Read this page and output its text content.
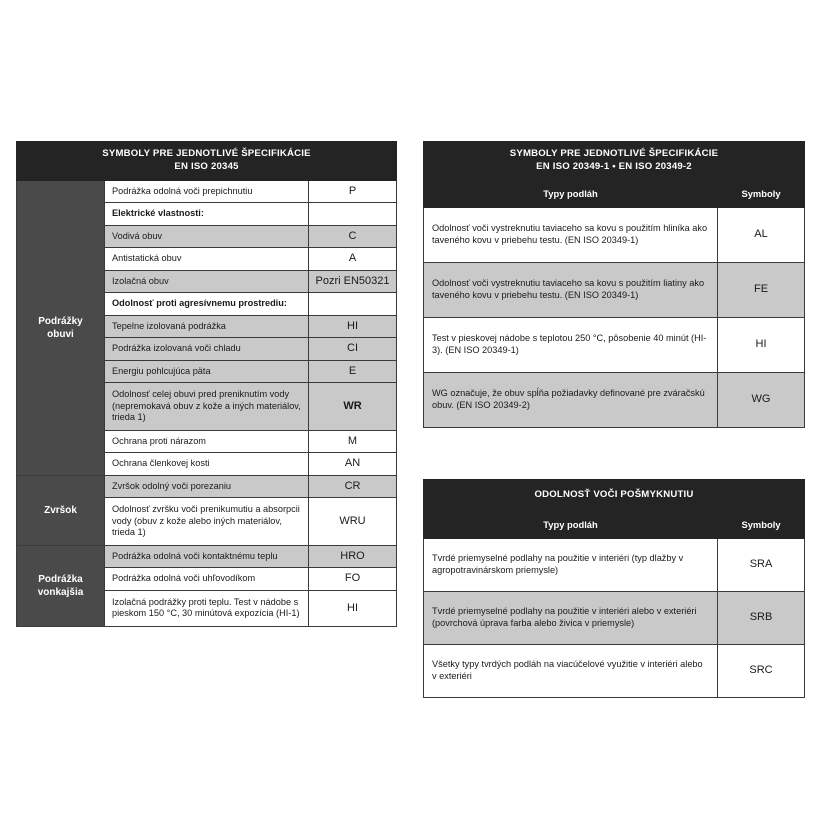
SYMBOLY PRE JEDNOTLIVÉ ŠPECIFIKÁCIE
EN ISO 20345		

Podrážky
obuvi	Podrážka odolná voči prepichnutiu	P
	Elektrické vlastnosti:	
	Vodivá obuv	C
	Antistatická obuv	A
	Izolačná obuv	Pozri EN50321
	Odolnosť proti agresívnemu prostrediu:	
	Tepelne izolovaná podrážka	HI
	Podrážka izolovaná voči chladu	CI
	Energiu pohlcujúca päta	E
	Odolnosť celej obuvi pred preniknutím vody (nepremokavá obuv z kože a iných materiálov, trieda 1)	WR
	Ochrana proti nárazom	M
	Ochrana členkovej kosti	AN
Zvršok	Zvršok odolný voči porezaniu	CR
	Odolnosť zvršku voči prenikumutiu a absorpcii vody (obuv z kože alebo iných materiálov, trieda 1)	WRU
Podrážka
vonkajšia	Podrážka odolná voči kontaktnému teplu	HRO
	Podrážka odolná voči uhľovodíkom	FO
	Izolačná podrážky proti teplu. Test v nádobe s pieskom 150 °C, 30 minútová expozícia (HI-1)	HI
SYMBOLY PRE JEDNOTLIVÉ ŠPECIFIKÁCIE
EN ISO 20349-1 • EN ISO 20349-2	

Typy podláh	Symboly
Odolnosť voči vystreknutiu taviaceho sa kovu s použitím hliníka ako taveného kovu v priebehu testu. (EN ISO 20349-1)	AL
Odolnosť voči vystreknutiu taviaceho sa kovu s použitím liatiny ako taveného kovu v priebehu testu. (EN ISO 20349-1)	FE
Test v pieskovej nádobe s teplotou 250 °C, pôsobenie 40 minút (HI-3). (EN ISO 20349-1)	HI
WG označuje, že obuv spĺňa požiadavky definované pre zváračskú obuv. (EN ISO 20349-2)	WG
ODOLNOSŤ VOČI POŠMYKNUTIU	
Typy podláh	Symboly
Tvrdé priemyselné podlahy na použitie v interiéri (typ dlažby v agropotravinárskom priemysle)	SRA
Tvrdé priemyselné podlahy na použitie v interiéri alebo v exteriéri (povrchová úprava farba alebo živica v priemysle)	SRB
Všetky typy tvrdých podláh na viacúčelové využitie v interiéri alebo v exteriéri	SRC
